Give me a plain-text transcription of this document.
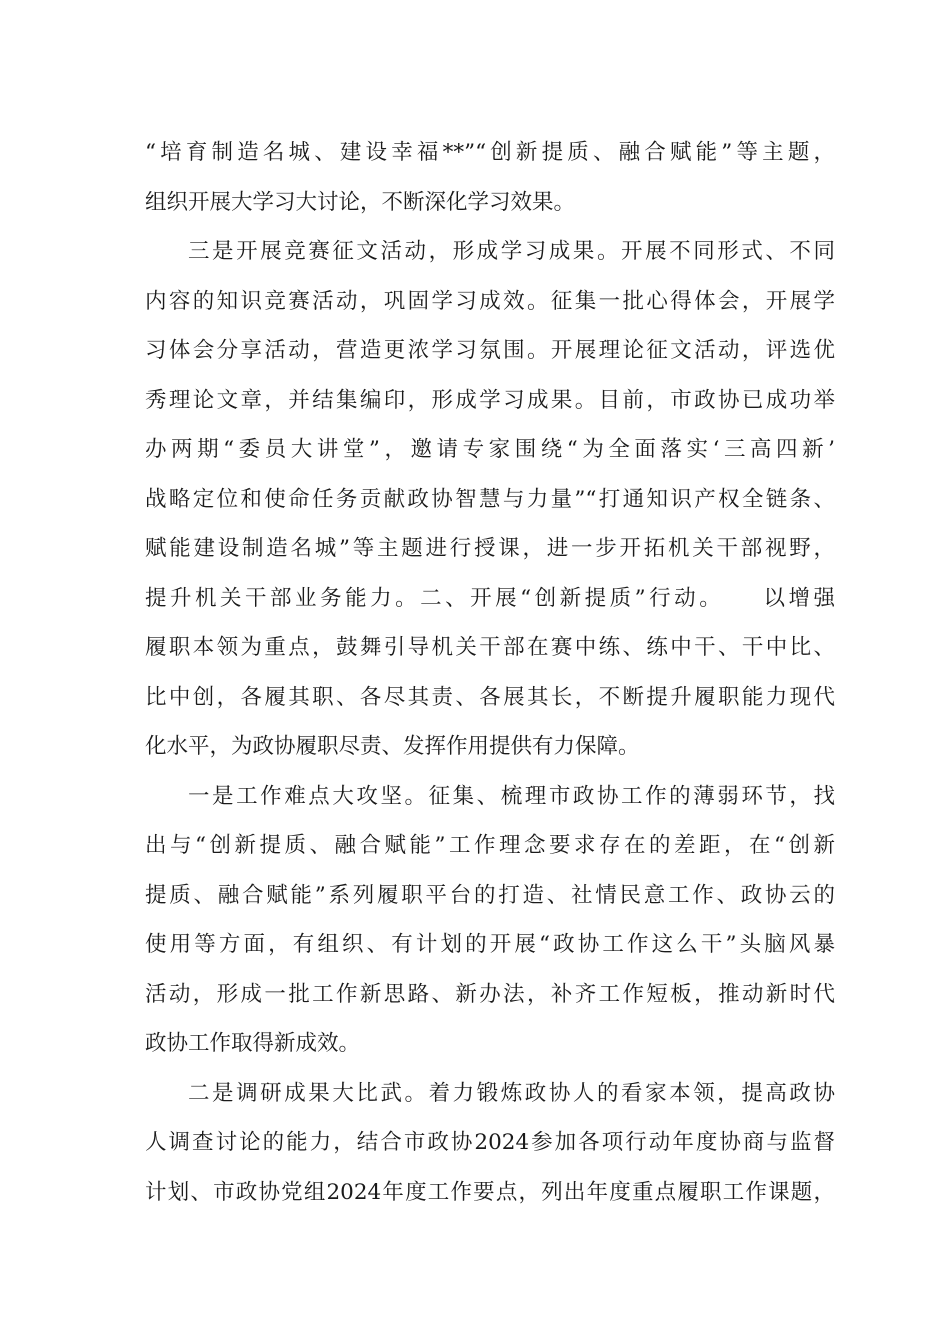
“培育制造名城、建设幸福**”“创新提质、融合赋能”等主题，
组织开展大学习大讨论，不断深化学习效果。
三是开展竞赛征文活动，形成学习成果。开展不同形式、不同
内容的知识竞赛活动，巩固学习成效。征集一批心得体会，开展学
习体会分享活动，营造更浓学习氛围。开展理论征文活动，评选优
秀理论文章，并结集编印，形成学习成果。目前，市政协已成功举
办两期“委员大讲堂”，邀请专家围绕“为全面落实‘三高四新’
战略定位和使命任务贡献政协智慧与力量”“打通知识产权全链条、
赋能建设制造名城”等主题进行授课，进一步开拓机关干部视野，
提升机关干部业务能力。二、开展“创新提质”行动。　　以增强
履职本领为重点，鼓舞引导机关干部在赛中练、练中干、干中比、
比中创，各履其职、各尽其责、各展其长，不断提升履职能力现代
化水平，为政协履职尽责、发挥作用提供有力保障。
一是工作难点大攻坚。征集、梳理市政协工作的薄弱环节，找
出与“创新提质、融合赋能”工作理念要求存在的差距，在“创新
提质、融合赋能”系列履职平台的打造、社情民意工作、政协云的
使用等方面，有组织、有计划的开展“政协工作这么干”头脑风暴
活动，形成一批工作新思路、新办法，补齐工作短板，推动新时代
政协工作取得新成效。
二是调研成果大比武。着力锻炼政协人的看家本领，提高政协
人调查讨论的能力，结合市政协2024参加各项行动年度协商与监督
计划、市政协党组2024年度工作要点，列出年度重点履职工作课题，
